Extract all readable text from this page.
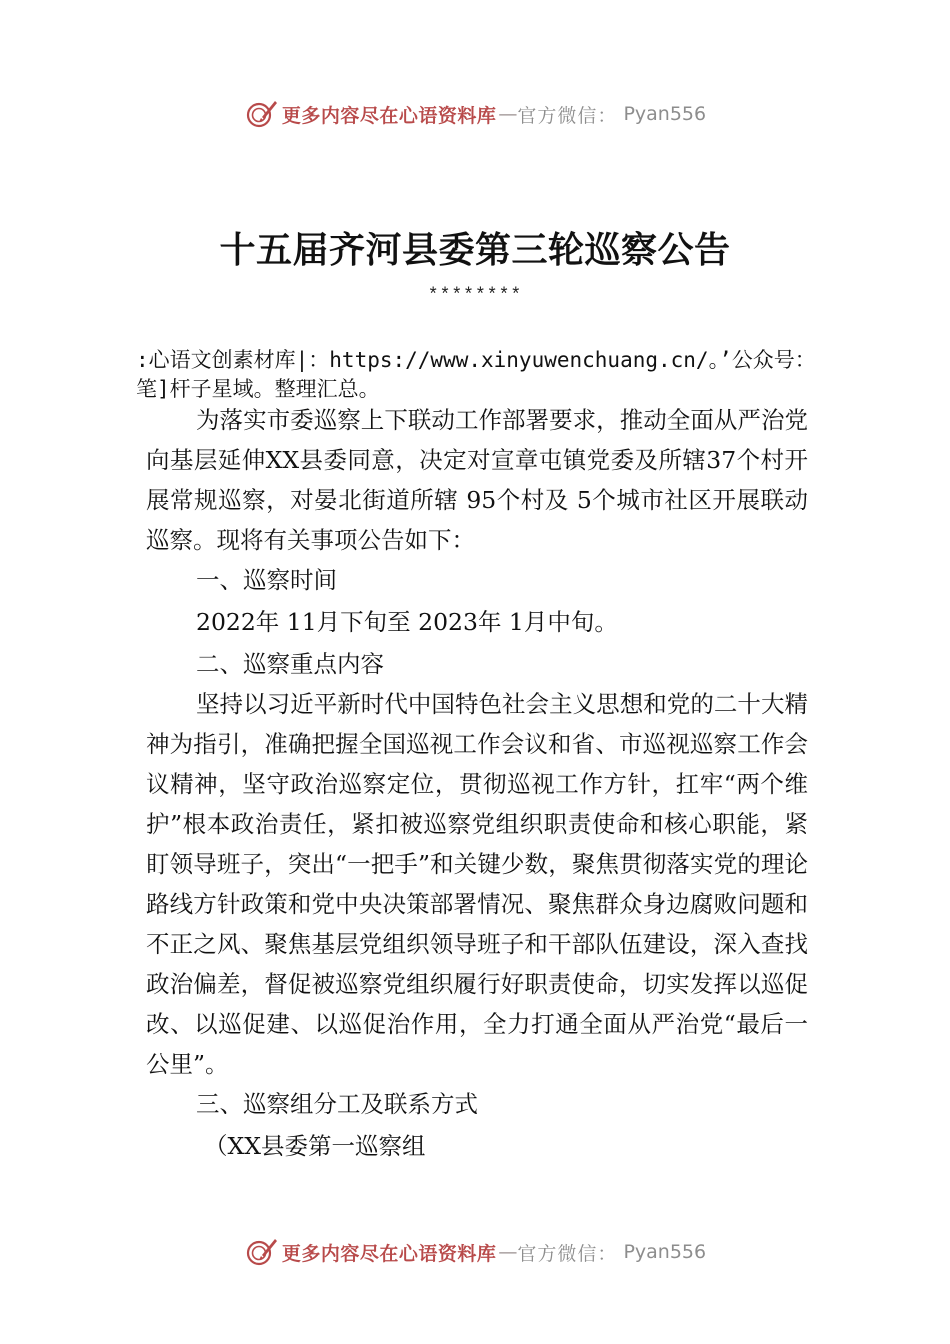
更多内容尽在心语资料库 — 官方微信： Pyan556
十五届齐河县委第三轮巡察公告
********
:心语文创素材库|：https://www.xinyuwenchuang.cn/。’公众号：笔]杆子星域。整理汇总。

为落实市委巡察上下联动工作部署要求，推动全面从严治党向基层延伸XX县委同意，决定对宣章屯镇党委及所辖37个村开展常规巡察，对晏北街道所辖 95个村及 5个城市社区开展联动巡察。现将有关事项公告如下：

一、巡察时间

2022年 11月下旬至 2023年 1月中旬。

二、巡察重点内容

坚持以习近平新时代中国特色社会主义思想和党的二十大精神为指引，准确把握全国巡视工作会议和省、市巡视巡察工作会议精神，坚守政治巡察定位，贯彻巡视工作方针，扛牢“两个维护”根本政治责任，紧扣被巡察党组织职责使命和核心职能，紧盯领导班子，突出“一把手”和关键少数，聚焦贯彻落实党的理论路线方针政策和党中央决策部署情况、聚焦群众身边腐败问题和不正之风、聚焦基层党组织领导班子和干部队伍建设，深入查找政治偏差，督促被巡察党组织履行好职责使命，切实发挥以巡促改、以巡促建、以巡促治作用，全力打通全面从严治党“最后一公里”。

三、巡察组分工及联系方式

（XX县委第一巡察组

更多内容尽在心语资料库 — 官方微信： Pyan556
